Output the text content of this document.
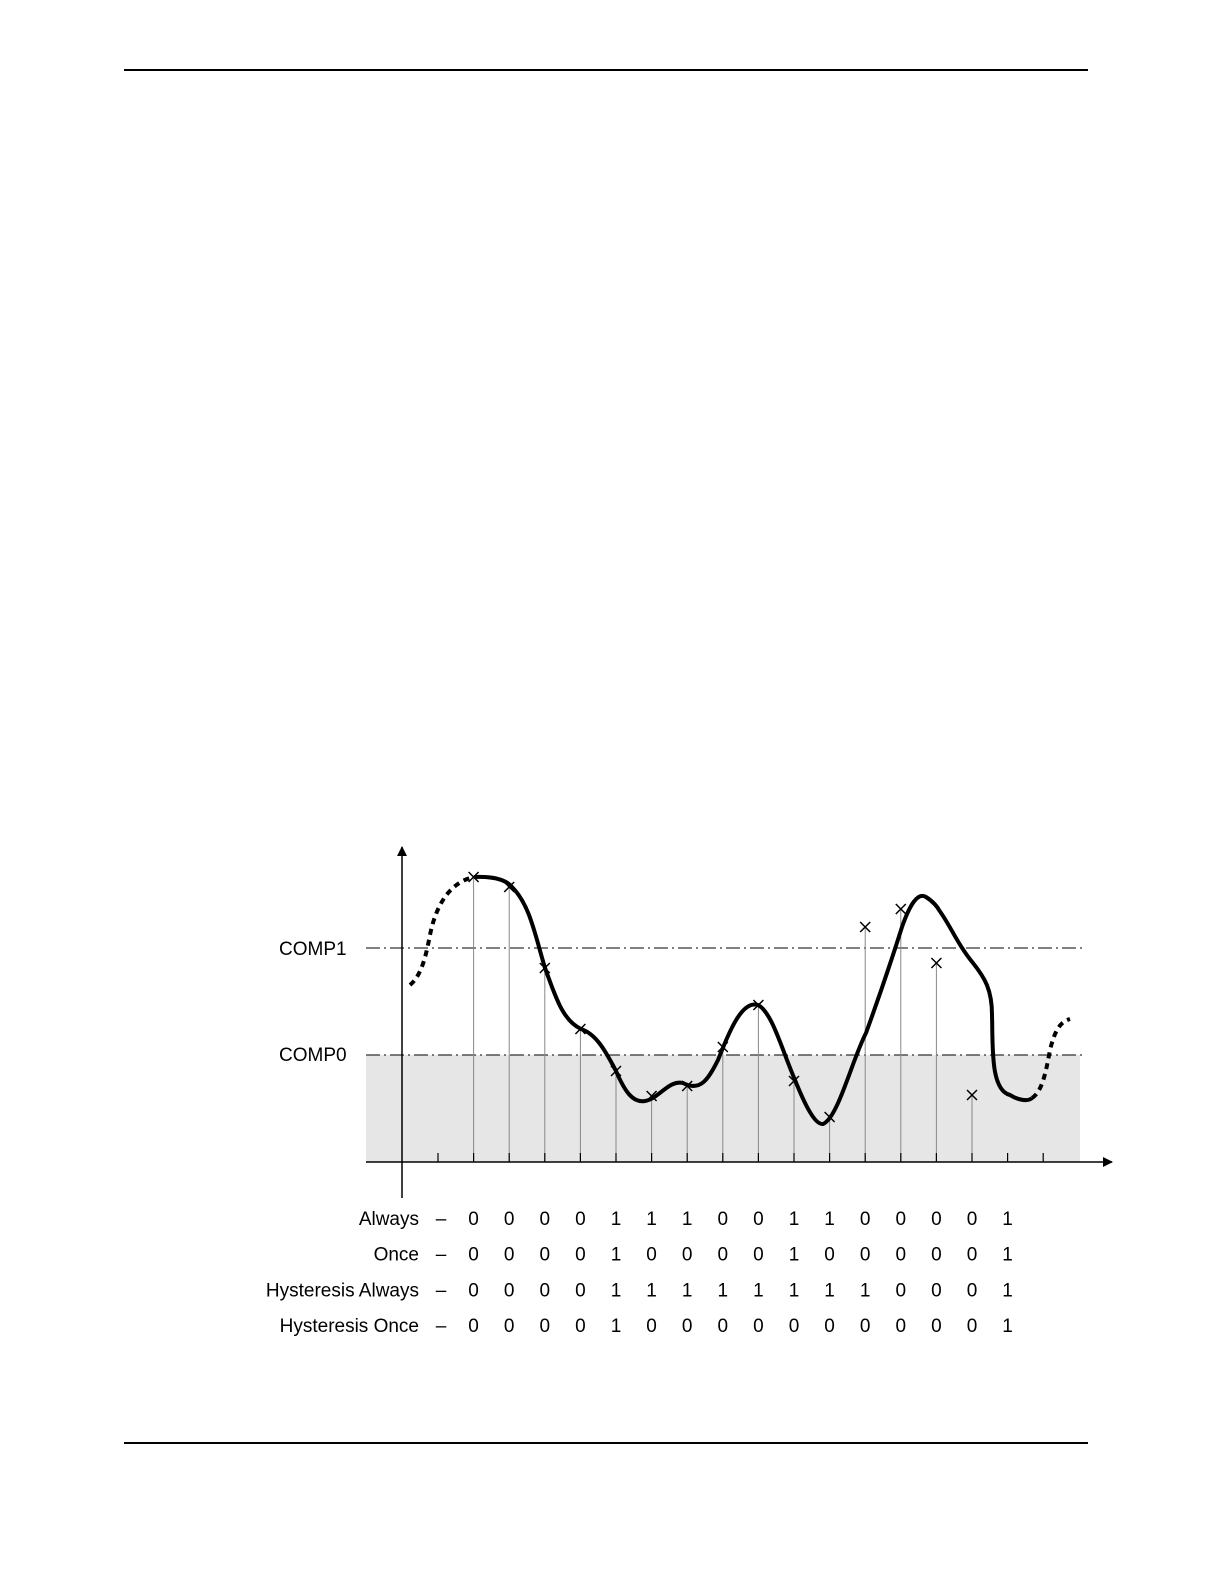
COMP1
COMP0
Always – 0 0 0 0 1 1 1 0 0 1 1 0 0 0 0 1
Once – 0 0 0 0 1 0 0 0 0 1 0 0 0 0 0 1
Hysteresis Always – 0 0 0 0 1 1 1 1 1 1 1 1 0 0 0 1
Hysteresis Once – 0 0 0 0 1 0 0 0 0 0 0 0 0 0 0 1
